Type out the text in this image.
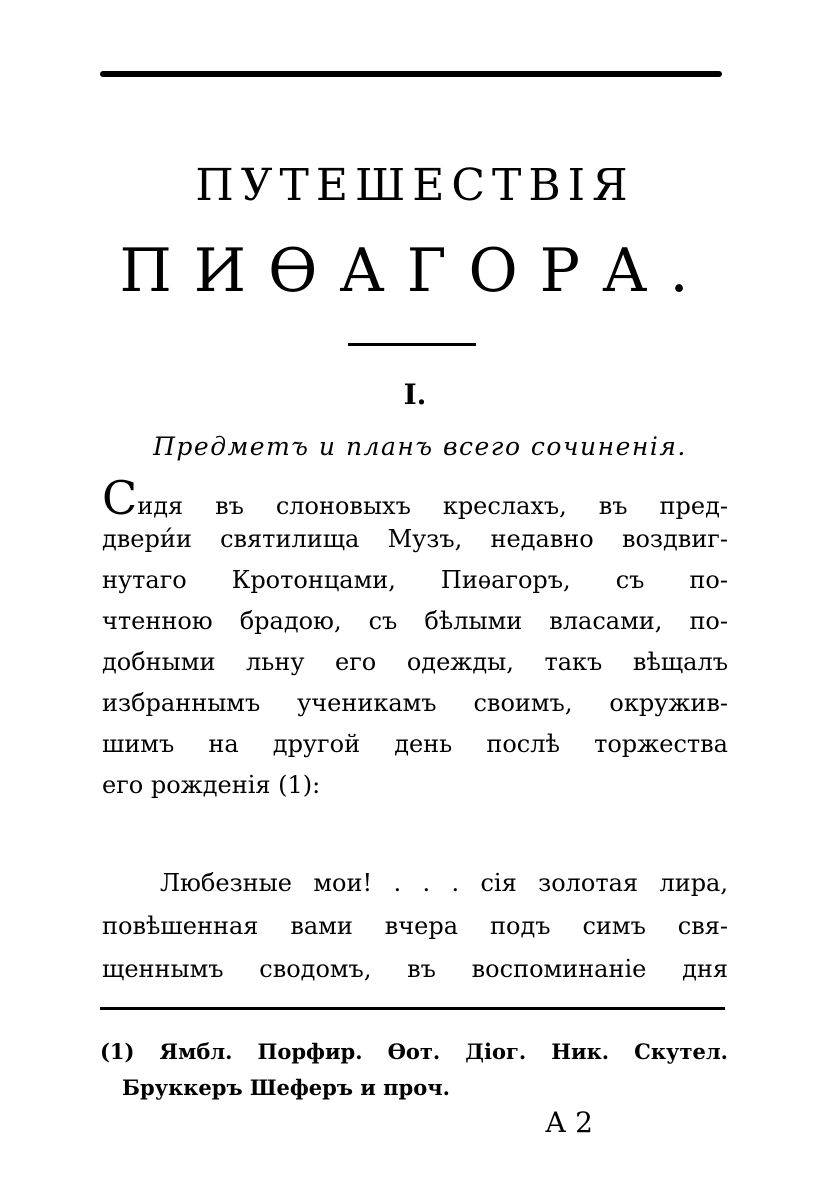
ПУТЕШЕСТВІЯ
ПИѲАГОРА.
I.
Предметъ и планъ всего сочиненія.
Сидя въ слоновыхъ креслахъ, въ пред-
двери́и святилища Музъ, недавно воздвиг-
нутаго Кротонцами, Пиѳагоръ, съ по-
чтенною брадою, съ бѣлыми власами, по-
добными льну его одежды, такъ вѣщалъ
избраннымъ ученикамъ своимъ, окружив-
шимъ на другой день послѣ торжества
его рожденія (1):
Любезные мои! . . . сія золотая лира,
повѣшенная вами вчера подъ симъ свя-
щеннымъ сводомъ, въ воспоминаніе дня
(1) Ямбл. Порфир. Ѳот. Діог. Ник. Скутел.
Бруккеръ Шеферъ и проч.
А 2
